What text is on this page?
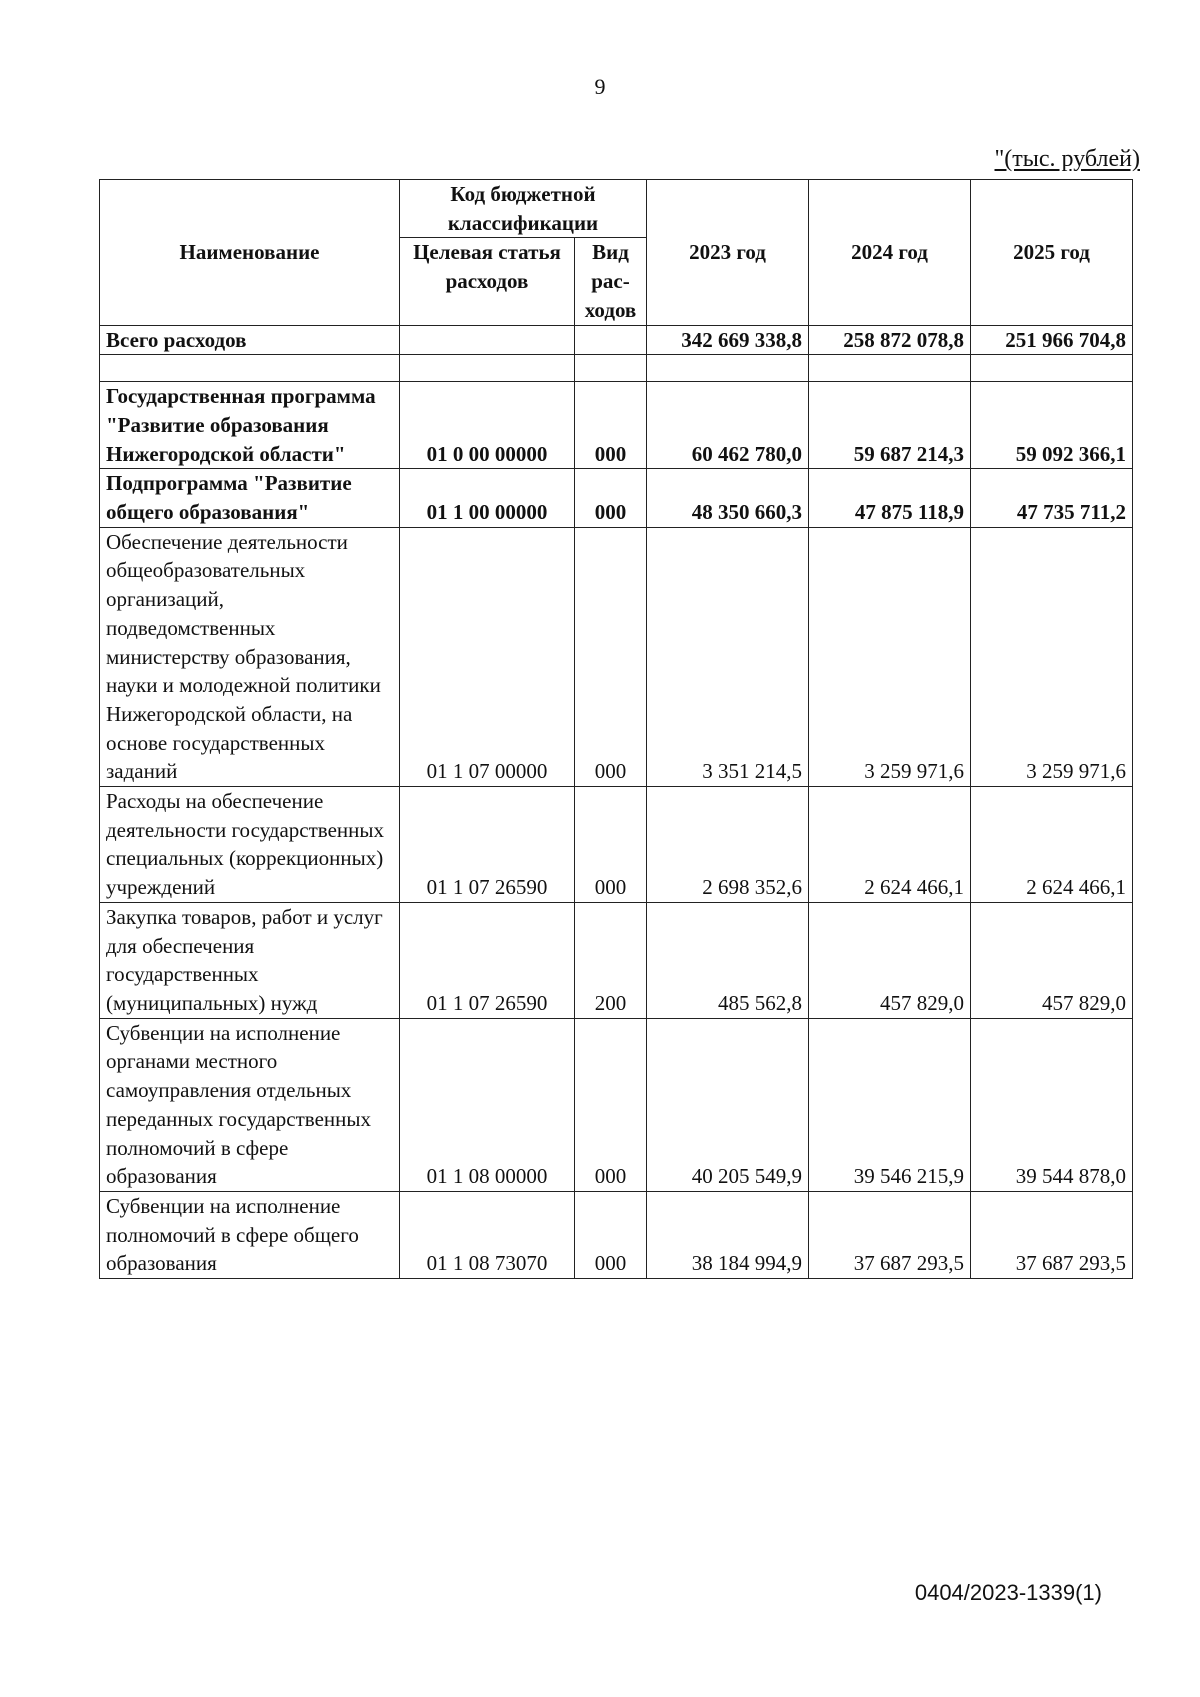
9
"(тыс. рублей)
Наименование	Код бюджетной классификации		2023 год	2024 год	2025 год
	Целевая статья расходов	Вид рас-ходов			
Всего расходов			342 669 338,8	258 872 078,8	251 966 704,8

Государственная программа "Развитие образования Нижегородской области"	01 0 00 00000	000	60 462 780,0	59 687 214,3	59 092 366,1
Подпрограмма "Развитие общего образования"	01 1 00 00000	000	48 350 660,3	47 875 118,9	47 735 711,2
Обеспечение деятельности общеобразовательных организаций, подведомственных министерству образования, науки и молодежной политики Нижегородской области, на основе государственных заданий	01 1 07 00000	000	3 351 214,5	3 259 971,6	3 259 971,6
Расходы на обеспечение деятельности государственных специальных (коррекционных) учреждений	01 1 07 26590	000	2 698 352,6	2 624 466,1	2 624 466,1
Закупка товаров, работ и услуг для обеспечения государственных (муниципальных) нужд	01 1 07 26590	200	485 562,8	457 829,0	457 829,0
Субвенции на исполнение органами местного самоуправления отдельных переданных государственных полномочий в сфере образования	01 1 08 00000	000	40 205 549,9	39 546 215,9	39 544 878,0
Субвенции на исполнение полномочий в сфере общего образования	01 1 08 73070	000	38 184 994,9	37 687 293,5	37 687 293,5
0404/2023-1339(1)
